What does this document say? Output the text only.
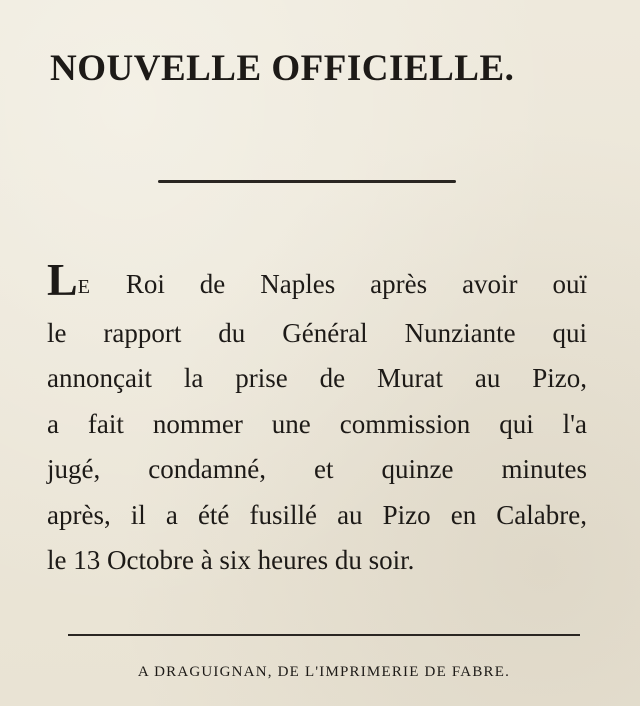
NOUVELLE OFFICIELLE.

LE Roi de Naples après avoir ouï
le rapport du Général Nunziante qui
annonçait la prise de Murat au Pizo,
a fait nommer une commission qui l'a
jugé, condamné, et quinze minutes
après, il a été fusillé au Pizo en Calabre,
le 13 Octobre à six heures du soir.

A DRAGUIGNAN, DE L'IMPRIMERIE DE FABRE.
